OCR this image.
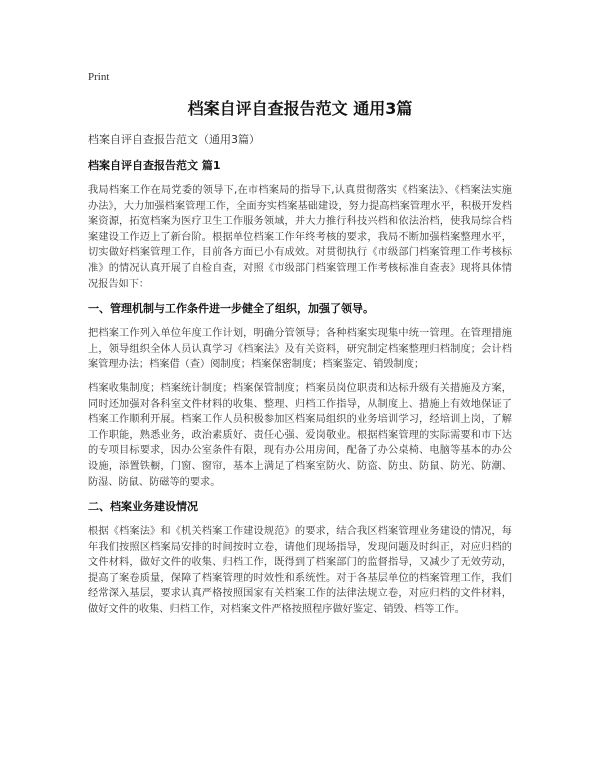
Print
档案自评自查报告范文 通用3篇
档案自评自查报告范文（通用3篇）
档案自评自查报告范文 篇1

我局档案工作在局党委的领导下,在市档案局的指导下,认真贯彻落实《档案法》、《档案法实施办法》，大力加强档案管理工作，全面夯实档案基础建设，努力提高档案管理水平，积极开发档案资源，拓宽档案为医疗卫生工作服务领域，并大力推行科技兴档和依法治档，使我局综合档案建设工作迈上了新台阶。根据单位档案工作年终考核的要求，我局不断加强档案整理水平，切实做好档案管理工作，目前各方面已小有成效。对贯彻执行《市级部门档案管理工作考核标准》的情况认真开展了自检自查，对照《市级部门档案管理工作考核标准自查表》现将具体情况报告如下：

一、管理机制与工作条件进一步健全了组织，加强了领导。

把档案工作列入单位年度工作计划，明确分管领导；各种档案实现集中统一管理。在管理措施上，领导组织全体人员认真学习《档案法》及有关资料，研究制定档案整理归档制度；会计档案管理办法；档案借（查）阅制度；档案保密制度；档案鉴定、销毁制度；

档案收集制度；档案统计制度；档案保管制度；档案员岗位职责和达标升级有关措施及方案，同时还加强对各科室文件材料的收集、整理、归档工作指导，从制度上、措施上有效地保证了档案工作顺利开展。档案工作人员积极参加区档案局组织的业务培训学习，经培训上岗，了解工作职能，熟悉业务，政治素质好、责任心强、爱岗敬业。根据档案管理的实际需要和市下达的专项目标要求，因办公室条件有限，现有办公用房间，配备了办公桌椅、电脑等基本的办公设施，添置铁橱，门窗、窗帘，基本上满足了档案室防火、防盗、防虫、防鼠、防光、防潮、防湿、防鼠、防磁等的要求。

二、档案业务建设情况

根据《档案法》和《机关档案工作建设规范》的要求，结合我区档案管理业务建设的情况，每年我们按照区档案局安排的时间按时立卷，请他们现场指导，发现问题及时纠正，对应归档的文件材料，做好文件的收集、归档工作，既得到了档案部门的监督指导，又减少了无效劳动，提高了案卷质量，保障了档案管理的时效性和系统性。对于各基层单位的档案管理工作，我们经常深入基层，要求认真严格按照国家有关档案工作的法律法规立卷，对应归档的文件材料，做好文件的收集、归档工作，对档案文件严格按照程序做好鉴定、销毁、档等工作。
